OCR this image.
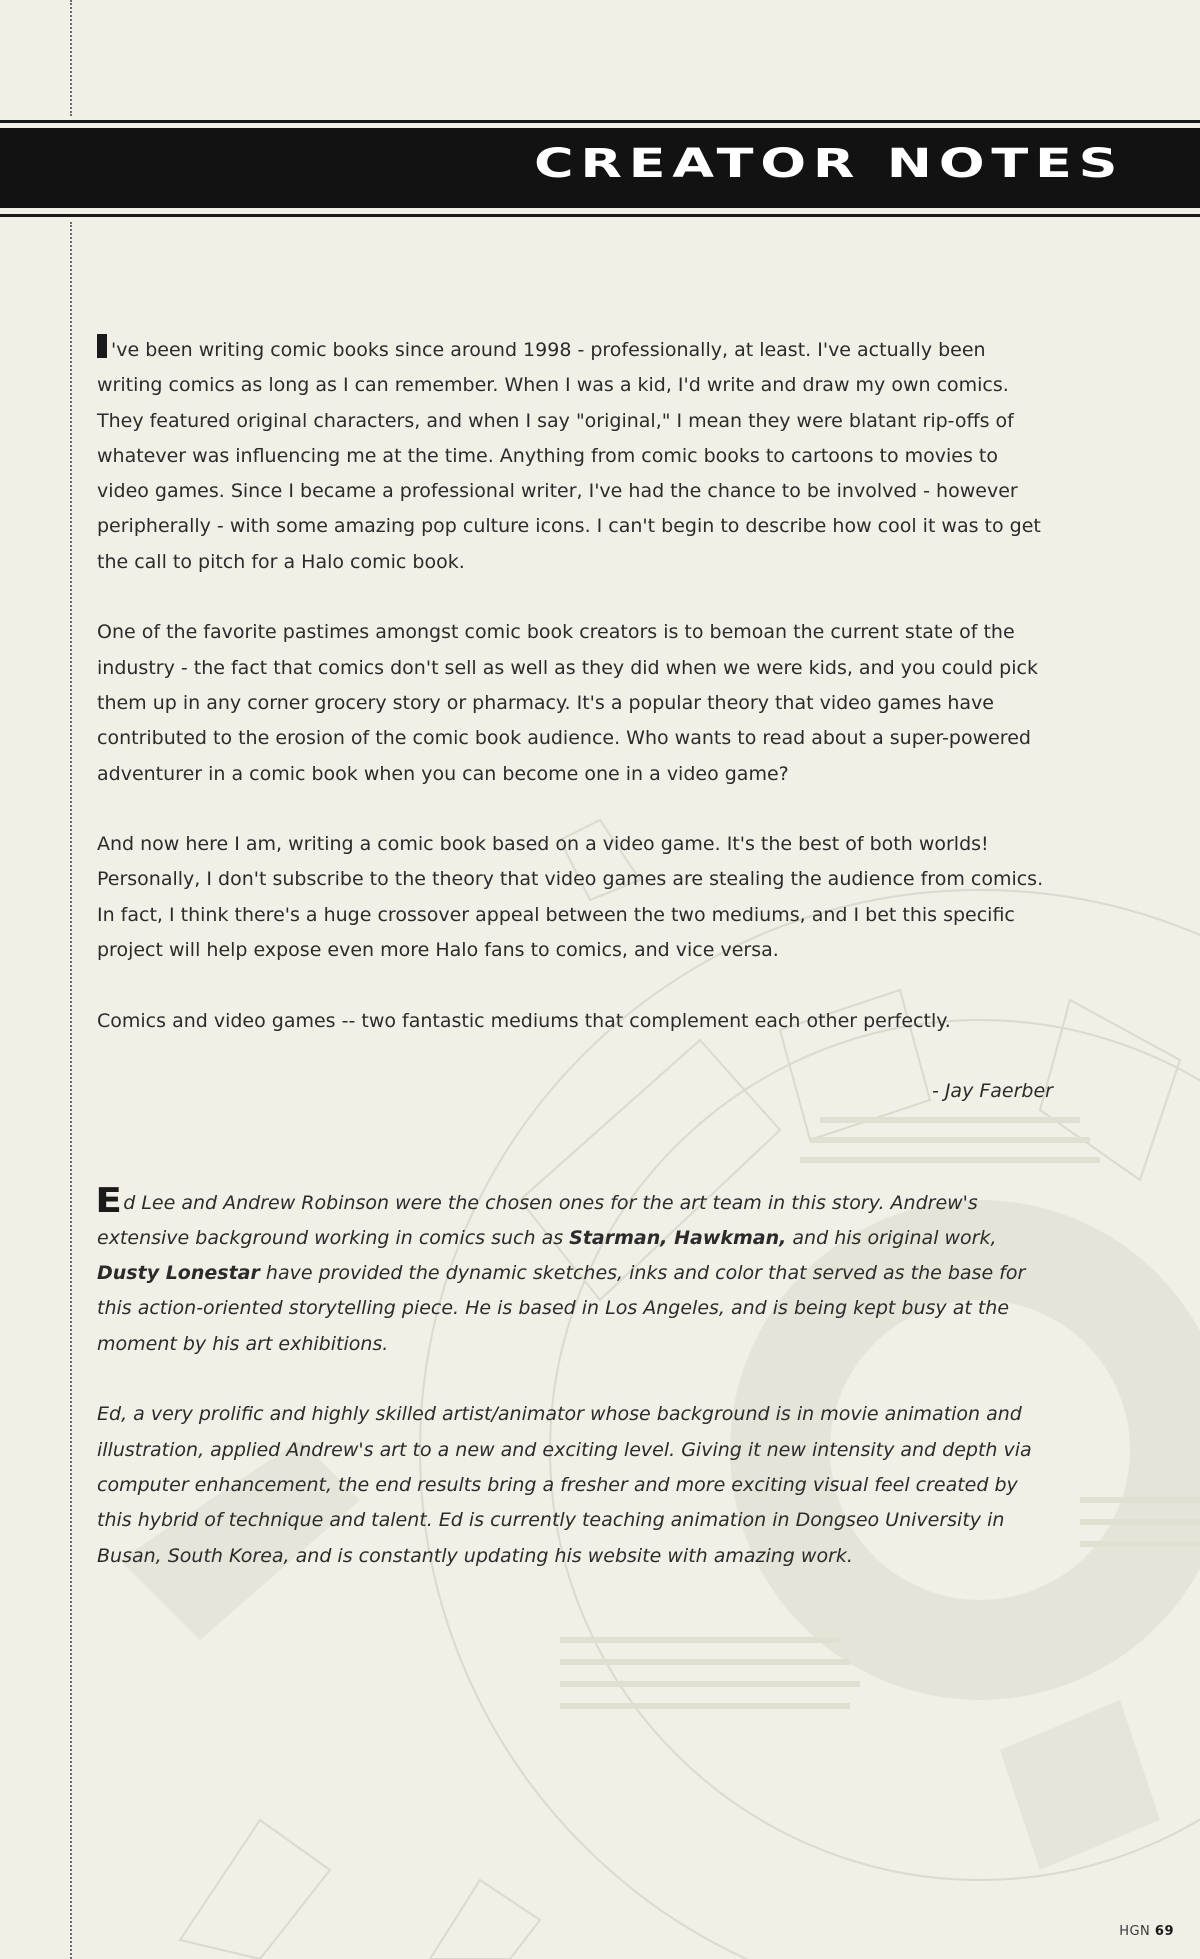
CREATOR NOTES

've been writing comic books since around 1998 - professionally, at least. I've actually been writing comics as long as I can remember. When I was a kid, I'd write and draw my own comics. They featured original characters, and when I say "original," I mean they were blatant rip-offs of whatever was influencing me at the time. Anything from comic books to cartoons to movies to video games. Since I became a professional writer, I've had the chance to be involved - however peripherally - with some amazing pop culture icons. I can't begin to describe how cool it was to get the call to pitch for a Halo comic book.

One of the favorite pastimes amongst comic book creators is to bemoan the current state of the industry - the fact that comics don't sell as well as they did when we were kids, and you could pick them up in any corner grocery story or pharmacy. It's a popular theory that video games have contributed to the erosion of the comic book audience. Who wants to read about a super-powered adventurer in a comic book when you can become one in a video game?

And now here I am, writing a comic book based on a video game. It's the best of both worlds! Personally, I don't subscribe to the theory that video games are stealing the audience from comics. In fact, I think there's a huge crossover appeal between the two mediums, and I bet this specific project will help expose even more Halo fans to comics, and vice versa.

Comics and video games -- two fantastic mediums that complement each other perfectly.

- Jay Faerber

Ed Lee and Andrew Robinson were the chosen ones for the art team in this story. Andrew's extensive background working in comics such as Starman, Hawkman, and his original work, Dusty Lonestar have provided the dynamic sketches, inks and color that served as the base for this action-oriented storytelling piece. He is based in Los Angeles, and is being kept busy at the moment by his art exhibitions.

Ed, a very prolific and highly skilled artist/animator whose background is in movie animation and illustration, applied Andrew's art to a new and exciting level. Giving it new intensity and depth via computer enhancement, the end results bring a fresher and more exciting visual feel created by this hybrid of technique and talent. Ed is currently teaching animation in Dongseo University in Busan, South Korea, and is constantly updating his website with amazing work.

HGN 69
